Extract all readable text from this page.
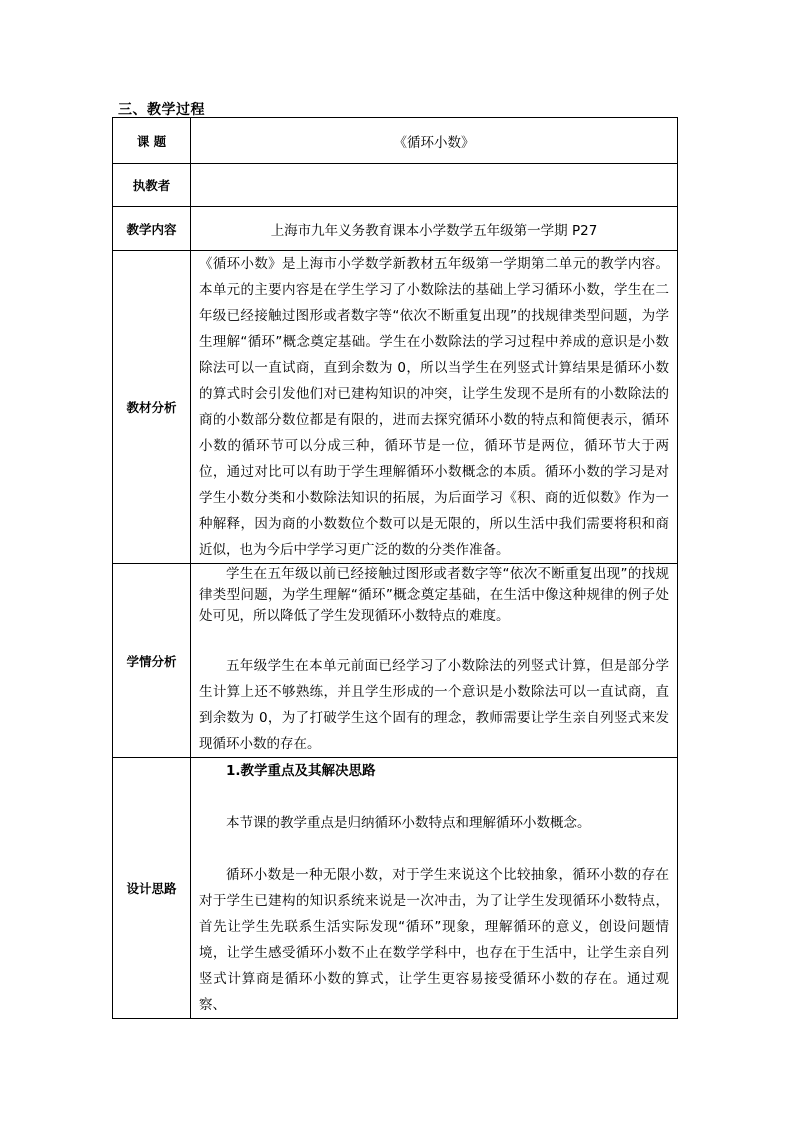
三、教学过程
课 题	《循环小数》
执教者	
教学内容	上海市九年义务教育课本小学数学五年级第一学期 P27
教材分析	《循环小数》是上海市小学数学新教材五年级第一学期第二单元的教学内容。本单元的主要内容是在学生学习了小数除法的基础上学习循环小数，学生在二年级已经接触过图形或者数字等“依次不断重复出现”的找规律类型问题，为学生理解“循环”概念奠定基础。学生在小数除法的学习过程中养成的意识是小数除法可以一直试商，直到余数为 0，所以当学生在列竖式计算结果是循环小数的算式时会引发他们对已建构知识的冲突，让学生发现不是所有的小数除法的商的小数部分数位都是有限的，进而去探究循环小数的特点和简便表示，循环小数的循环节可以分成三种，循环节是一位，循环节是两位，循环节大于两位，通过对比可以有助于学生理解循环小数概念的本质。循环小数的学习是对学生小数分类和小数除法知识的拓展，为后面学习《积、商的近似数》作为一种解释，因为商的小数数位个数可以是无限的，所以生活中我们需要将积和商近似，也为今后中学学习更广泛的数的分类作准备。

学情分析	学生在五年级以前已经接触过图形或者数字等“依次不断重复出现”的找规律类型问题，为学生理解“循环”概念奠定基础，在生活中像这种规律的例子处处可见，所以降低了学生发现循环小数特点的难度。

五年级学生在本单元前面已经学习了小数除法的列竖式计算，但是部分学生计算上还不够熟练，并且学生形成的一个意识是小数除法可以一直试商，直到余数为 0，为了打破学生这个固有的理念，教师需要让学生亲自列竖式来发现循环小数的存在。

设计思路	1.教学重点及其解决思路

本节课的教学重点是归纳循环小数特点和理解循环小数概念。

循环小数是一种无限小数，对于学生来说这个比较抽象，循环小数的存在对于学生已建构的知识系统来说是一次冲击，为了让学生发现循环小数特点，首先让学生先联系生活实际发现“循环”现象，理解循环的意义，创设问题情境，让学生感受循环小数不止在数学学科中，也存在于生活中，让学生亲自列竖式计算商是循环小数的算式，让学生更容易接受循环小数的存在。通过观察、
